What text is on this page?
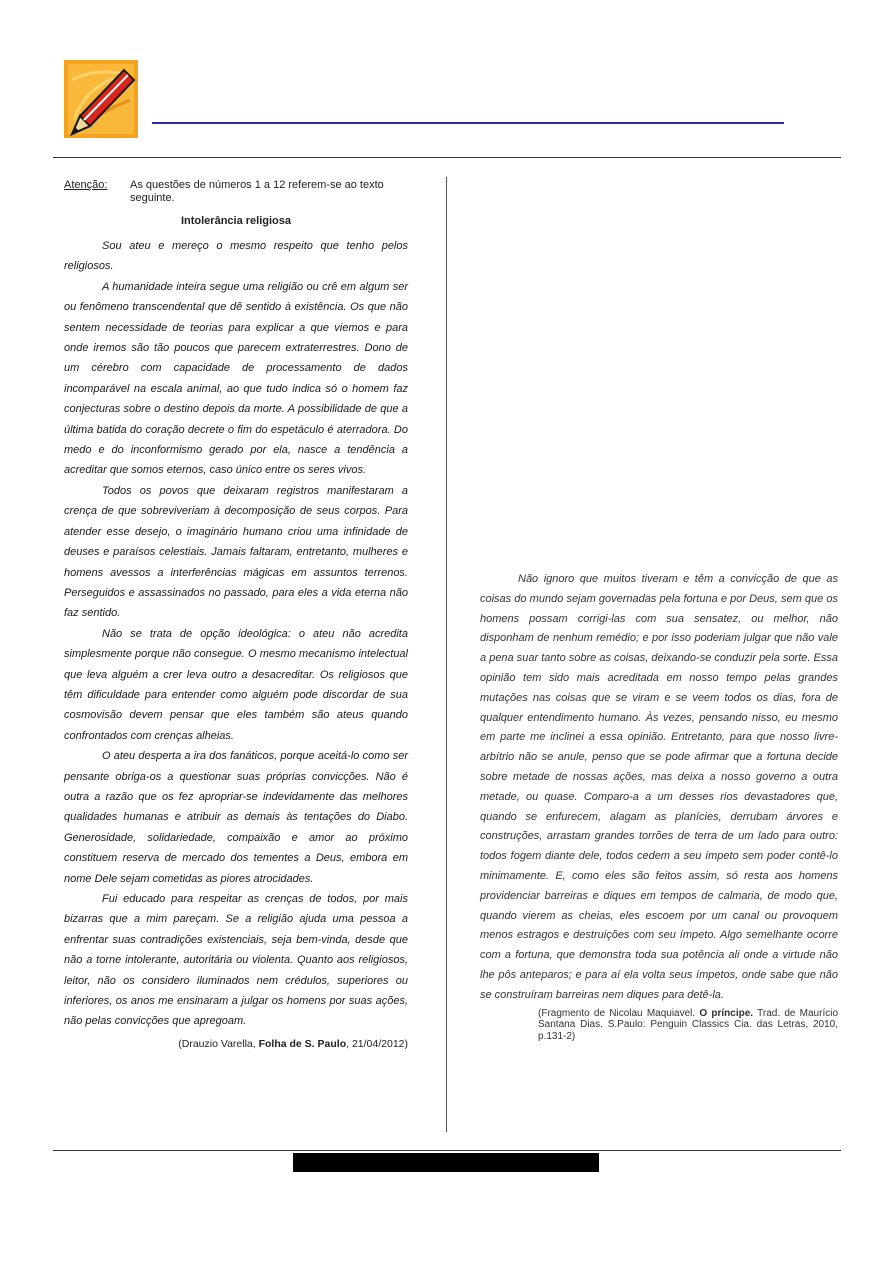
Atenção:	As questões de números 1 a 12 referem-se ao texto seguinte.
Intolerância religiosa

Sou ateu e mereço o mesmo respeito que tenho pelos religiosos.

A humanidade inteira segue uma religião ou crê em algum ser ou fenômeno transcendental que dê sentido à existência. Os que não sentem necessidade de teorias para explicar a que viemos e para onde iremos são tão poucos que parecem extraterrestres. Dono de um cérebro com capacidade de processamento de dados incomparável na escala animal, ao que tudo indica só o homem faz conjecturas sobre o destino depois da morte. A possibilidade de que a última batida do coração decrete o fim do espetáculo é aterradora. Do medo e do inconformismo gerado por ela, nasce a tendência a acreditar que somos eternos, caso único entre os seres vivos.

Todos os povos que deixaram registros manifestaram a crença de que sobreviveriam à decomposição de seus corpos. Para atender esse desejo, o imaginário humano criou uma infinidade de deuses e paraísos celestiais. Jamais faltaram, entretanto, mulheres e homens avessos a interferências mágicas em assuntos terrenos. Perseguidos e assassinados no passado, para eles a vida eterna não faz sentido.

Não se trata de opção ideológica: o ateu não acredita simplesmente porque não consegue. O mesmo mecanismo intelectual que leva alguém a crer leva outro a desacreditar. Os religiosos que têm dificuldade para entender como alguém pode discordar de sua cosmovisão devem pensar que eles também são ateus quando confrontados com crenças alheias.

O ateu desperta a ira dos fanáticos, porque aceitá-lo como ser pensante obriga-os a questionar suas próprias convicções. Não é outra a razão que os fez apropriar-se indevidamente das melhores qualidades humanas e atribuir as demais às tentações do Diabo. Generosidade, solidariedade, compaixão e amor ao próximo constituem reserva de mercado dos tementes a Deus, embora em nome Dele sejam cometidas as piores atrocidades.

Fui educado para respeitar as crenças de todos, por mais bizarras que a mim pareçam. Se a religião ajuda uma pessoa a enfrentar suas contradições existenciais, seja bem-vinda, desde que não a torne intolerante, autoritária ou violenta. Quanto aos religiosos, leitor, não os considero iluminados nem crédulos, superiores ou inferiores, os anos me ensinaram a julgar os homens por suas ações, não pelas convicções que apregoam.

(Drauzio Varella, Folha de S. Paulo, 21/04/2012)

Não ignoro que muitos tiveram e têm a convicção de que as coisas do mundo sejam governadas pela fortuna e por Deus, sem que os homens possam corrigi-las com sua sensatez, ou melhor, não disponham de nenhum remédio; e por isso poderiam julgar que não vale a pena suar tanto sobre as coisas, deixando-se conduzir pela sorte. Essa opinião tem sido mais acreditada em nosso tempo pelas grandes mutações nas coisas que se viram e se veem todos os dias, fora de qualquer entendimento humano. Às vezes, pensando nisso, eu mesmo em parte me inclinei a essa opinião. Entretanto, para que nosso livre-arbítrio não se anule, penso que se pode afirmar que a fortuna decide sobre metade de nossas ações, mas deixa a nosso governo a outra metade, ou quase. Comparo-a a um desses rios devastadores que, quando se enfurecem, alagam as planícies, derrubam árvores e construções, arrastam grandes torrões de terra de um lado para outro: todos fogem diante dele, todos cedem a seu ímpeto sem poder contê-lo minimamente. E, como eles são feitos assim, só resta aos homens providenciar barreiras e diques em tempos de calmaria, de modo que, quando vierem as cheias, eles escoem por um canal ou provoquem menos estragos e destruições com seu ímpeto. Algo semelhante ocorre com a fortuna, que demonstra toda sua potência ali onde a virtude não lhe pôs anteparos; e para aí ela volta seus ímpetos, onde sabe que não se construíram barreiras nem diques para detê-la.

(Fragmento de Nicolau Maquiavel. O príncipe. Trad. de Maurício Santana Dias. S.Paulo: Penguin Classics Cia. das Letras, 2010, p.131-2)
